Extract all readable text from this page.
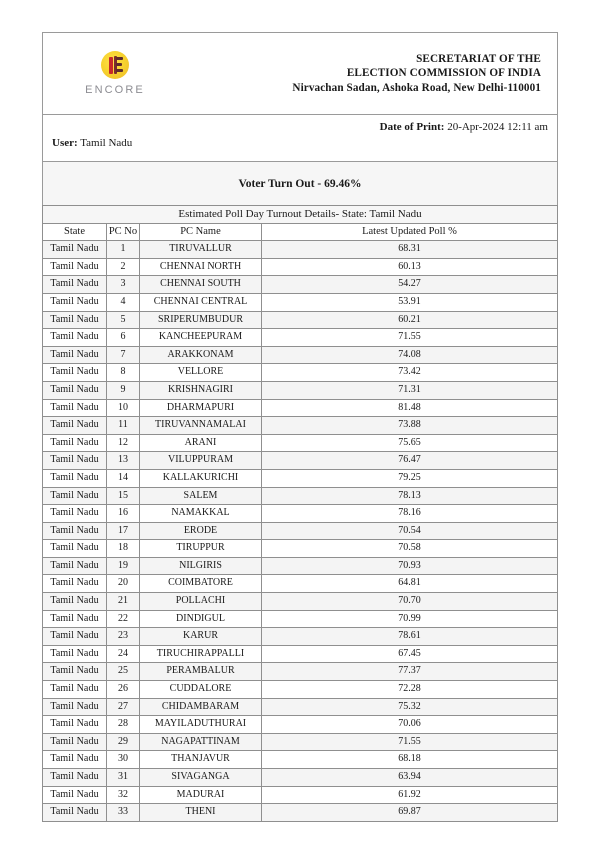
ENCORE
SECRETARIAT OF THE
ELECTION COMMISSION OF INDIA
Nirvachan Sadan, Ashoka Road, New Delhi-110001
Date of Print: 20-Apr-2024 12:11 am
User: Tamil Nadu
Voter Turn Out - 69.46%
Estimated Poll Day Turnout Details- State: Tamil Nadu			
State	PC No	PC Name	Latest Updated Poll %
Tamil Nadu	1	TIRUVALLUR	68.31
Tamil Nadu	2	CHENNAI NORTH	60.13
Tamil Nadu	3	CHENNAI SOUTH	54.27
Tamil Nadu	4	CHENNAI CENTRAL	53.91
Tamil Nadu	5	SRIPERUMBUDUR	60.21
Tamil Nadu	6	KANCHEEPURAM	71.55
Tamil Nadu	7	ARAKKONAM	74.08
Tamil Nadu	8	VELLORE	73.42
Tamil Nadu	9	KRISHNAGIRI	71.31
Tamil Nadu	10	DHARMAPURI	81.48
Tamil Nadu	11	TIRUVANNAMALAI	73.88
Tamil Nadu	12	ARANI	75.65
Tamil Nadu	13	VILUPPURAM	76.47
Tamil Nadu	14	KALLAKURICHI	79.25
Tamil Nadu	15	SALEM	78.13
Tamil Nadu	16	NAMAKKAL	78.16
Tamil Nadu	17	ERODE	70.54
Tamil Nadu	18	TIRUPPUR	70.58
Tamil Nadu	19	NILGIRIS	70.93
Tamil Nadu	20	COIMBATORE	64.81
Tamil Nadu	21	POLLACHI	70.70
Tamil Nadu	22	DINDIGUL	70.99
Tamil Nadu	23	KARUR	78.61
Tamil Nadu	24	TIRUCHIRAPPALLI	67.45
Tamil Nadu	25	PERAMBALUR	77.37
Tamil Nadu	26	CUDDALORE	72.28
Tamil Nadu	27	CHIDAMBARAM	75.32
Tamil Nadu	28	MAYILADUTHURAI	70.06
Tamil Nadu	29	NAGAPATTINAM	71.55
Tamil Nadu	30	THANJAVUR	68.18
Tamil Nadu	31	SIVAGANGA	63.94
Tamil Nadu	32	MADURAI	61.92
Tamil Nadu	33	THENI	69.87
